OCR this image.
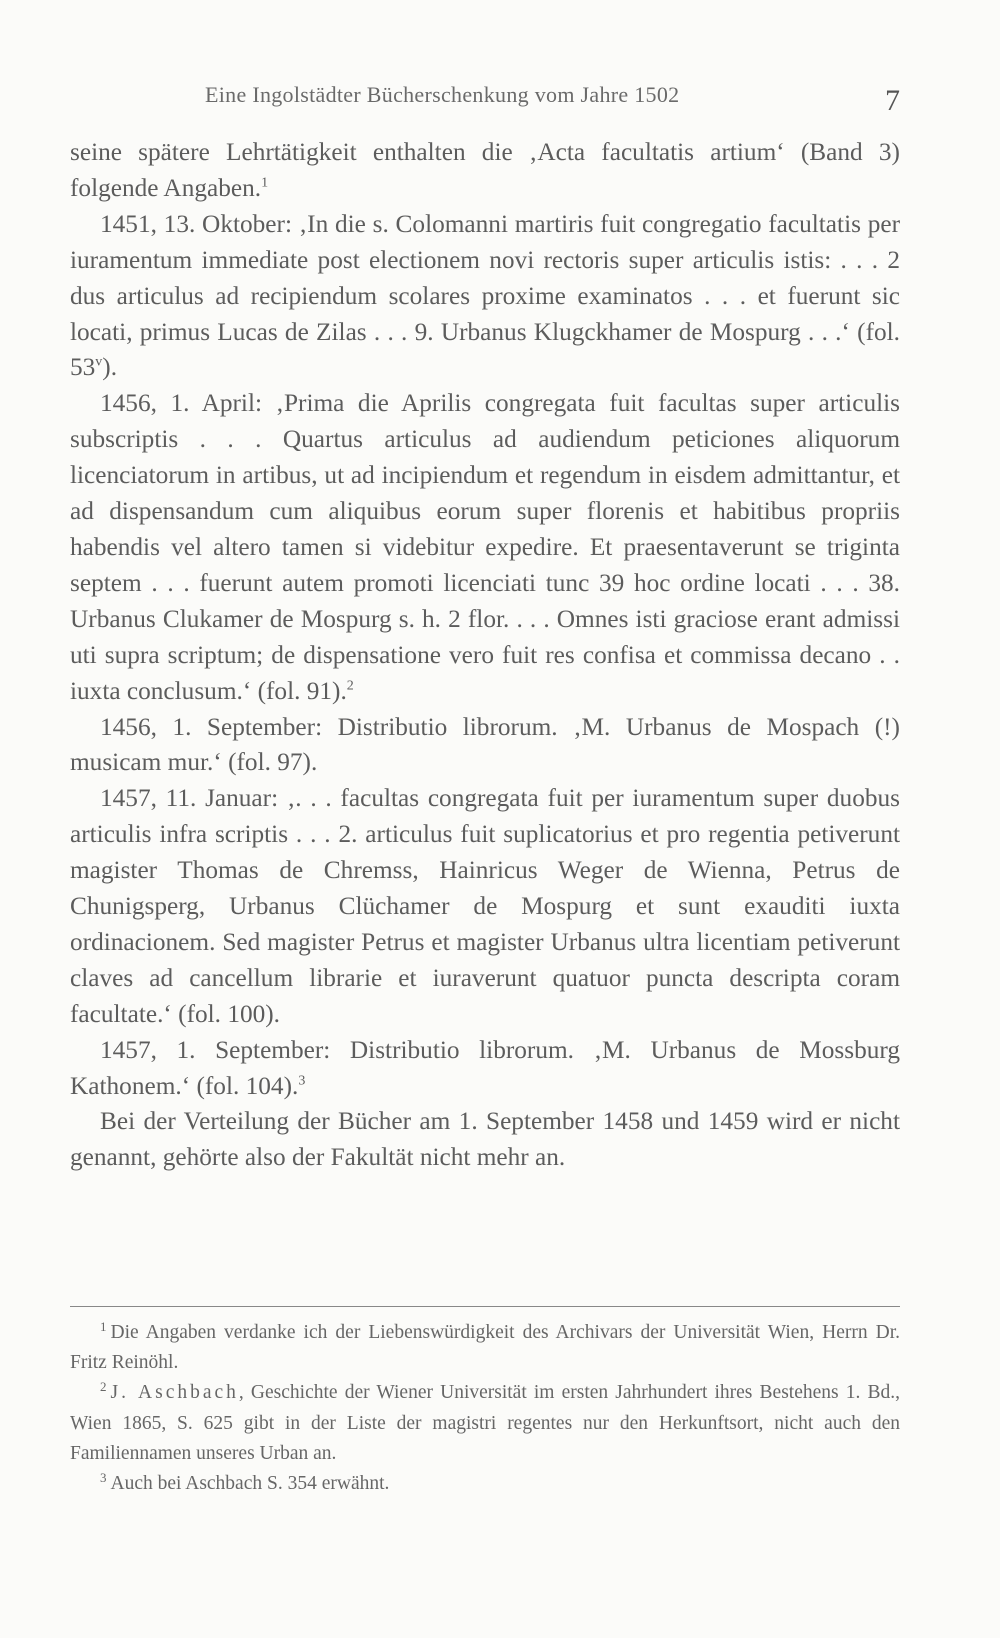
Eine Ingolstädter Bücherschenkung vom Jahre 1502	7

seine spätere Lehrtätigkeit enthalten die ‚Acta facultatis artium‘ (Band 3) folgende Angaben.$^1$

1451, 13. Oktober: ‚In die s. Colomanni martiris fuit congregatio facultatis per iuramentum immediate post electionem novi rectoris super articulis istis: . . . 2 dus articulus ad recipiendum scolares proxime examinatos . . . et fuerunt sic locati, primus Lucas de Zilas . . . 9. Urbanus Klugckhamer de Mospurg . . .‘ (fol. 53$^v$).

1456, 1. April: ‚Prima die Aprilis congregata fuit facultas super articulis subscriptis . . . Quartus articulus ad audiendum peticiones aliquorum licenciatorum in artibus, ut ad incipiendum et regendum in eisdem admittantur, et ad dispensandum cum aliquibus eorum super florenis et habitibus propriis habendis vel altero tamen si videbitur expedire. Et praesentaverunt se triginta septem . . . fuerunt autem promoti licenciati tunc 39 hoc ordine locati . . . 38. Urbanus Clukamer de Mospurg s. h. 2 flor. . . . Omnes isti graciose erant admissi uti supra scriptum; de dispensatione vero fuit res confisa et commissa decano . . iuxta conclusum.‘ (fol. 91).$^2$

1456, 1. September: Distributio librorum. ‚M. Urbanus de Mospach (!) musicam mur.‘ (fol. 97).

1457, 11. Januar: ‚. . . facultas congregata fuit per iuramentum super duobus articulis infra scriptis . . . 2. articulus fuit suplicatorius et pro regentia petiverunt magister Thomas de Chremss, Hainricus Weger de Wienna, Petrus de Chunigsperg, Urbanus Clüchamer de Mospurg et sunt exauditi iuxta ordinacionem. Sed magister Petrus et magister Urbanus ultra licentiam petiverunt claves ad cancellum librarie et iuraverunt quatuor puncta descripta coram facultate.‘ (fol. 100).

1457, 1. September: Distributio librorum. ‚M. Urbanus de Mossburg Kathonem.‘ (fol. 104).$^3$

Bei der Verteilung der Bücher am 1. September 1458 und 1459 wird er nicht genannt, gehörte also der Fakultät nicht mehr an.

$^1$ Die Angaben verdanke ich der Liebenswürdigkeit des Archivars der Universität Wien, Herrn Dr. Fritz Reinöhl.

$^2$ J. Aschbach, Geschichte der Wiener Universität im ersten Jahrhundert ihres Bestehens 1. Bd., Wien 1865, S. 625 gibt in der Liste der magistri regentes nur den Herkunftsort, nicht auch den Familiennamen unseres Urban an.

$^3$ Auch bei Aschbach S. 354 erwähnt.
